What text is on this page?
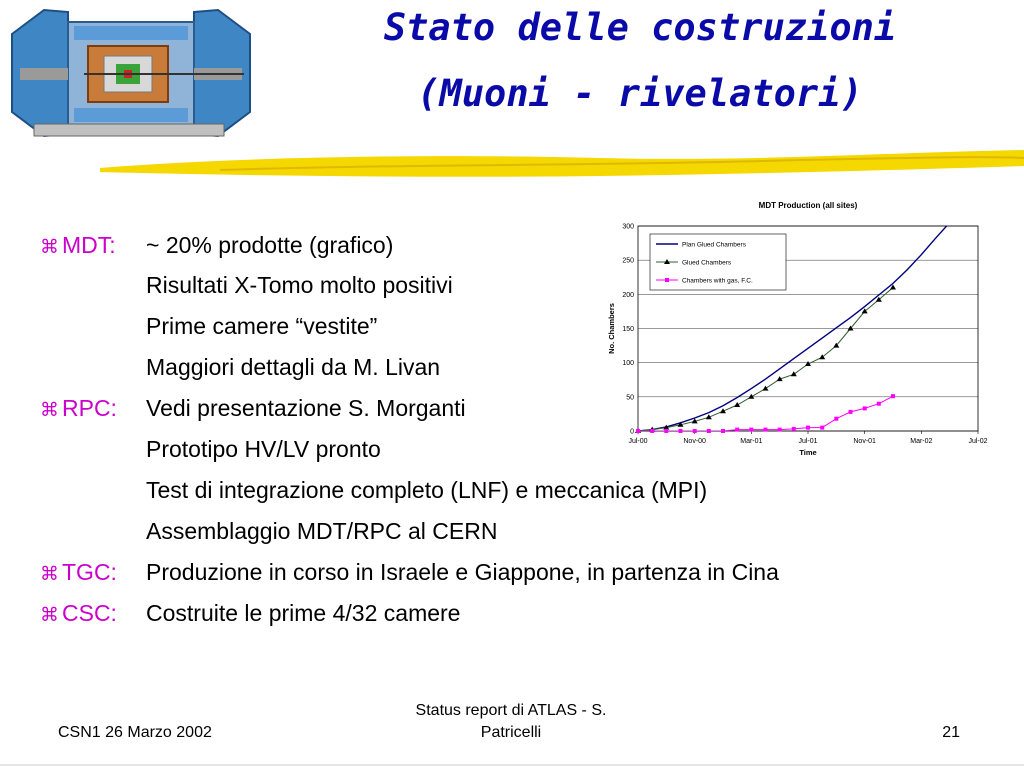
Stato delle costruzioni
(Muoni - rivelatori)
⌘ MDT: ~ 20% prodotte (grafico)
Risultati X-Tomo molto positivi
Prime camere “vestite”
Maggiori dettagli da M. Livan
⌘ RPC: Vedi presentazione S. Morganti
Prototipo HV/LV pronto
Test di integrazione completo (LNF) e meccanica (MPI)
Assemblaggio MDT/RPC al CERN
⌘ TGC: Produzione in corso in Israele e Giappone, in partenza in Cina
⌘ CSC: Costruite le prime 4/32 camere
MDT Production (all sites)
0
50
100
150
200
250
300
Jul-00	Nov-00	Mar-01	Jul-01	Nov-01	Mar-02	Jul-02
Time
No. Chambers
Plan Glued Chambers
Glued Chambers
Chambers with gas, F.C.
CSN1 26 Marzo 2002
Status report di ATLAS - S.
Patricelli	21
